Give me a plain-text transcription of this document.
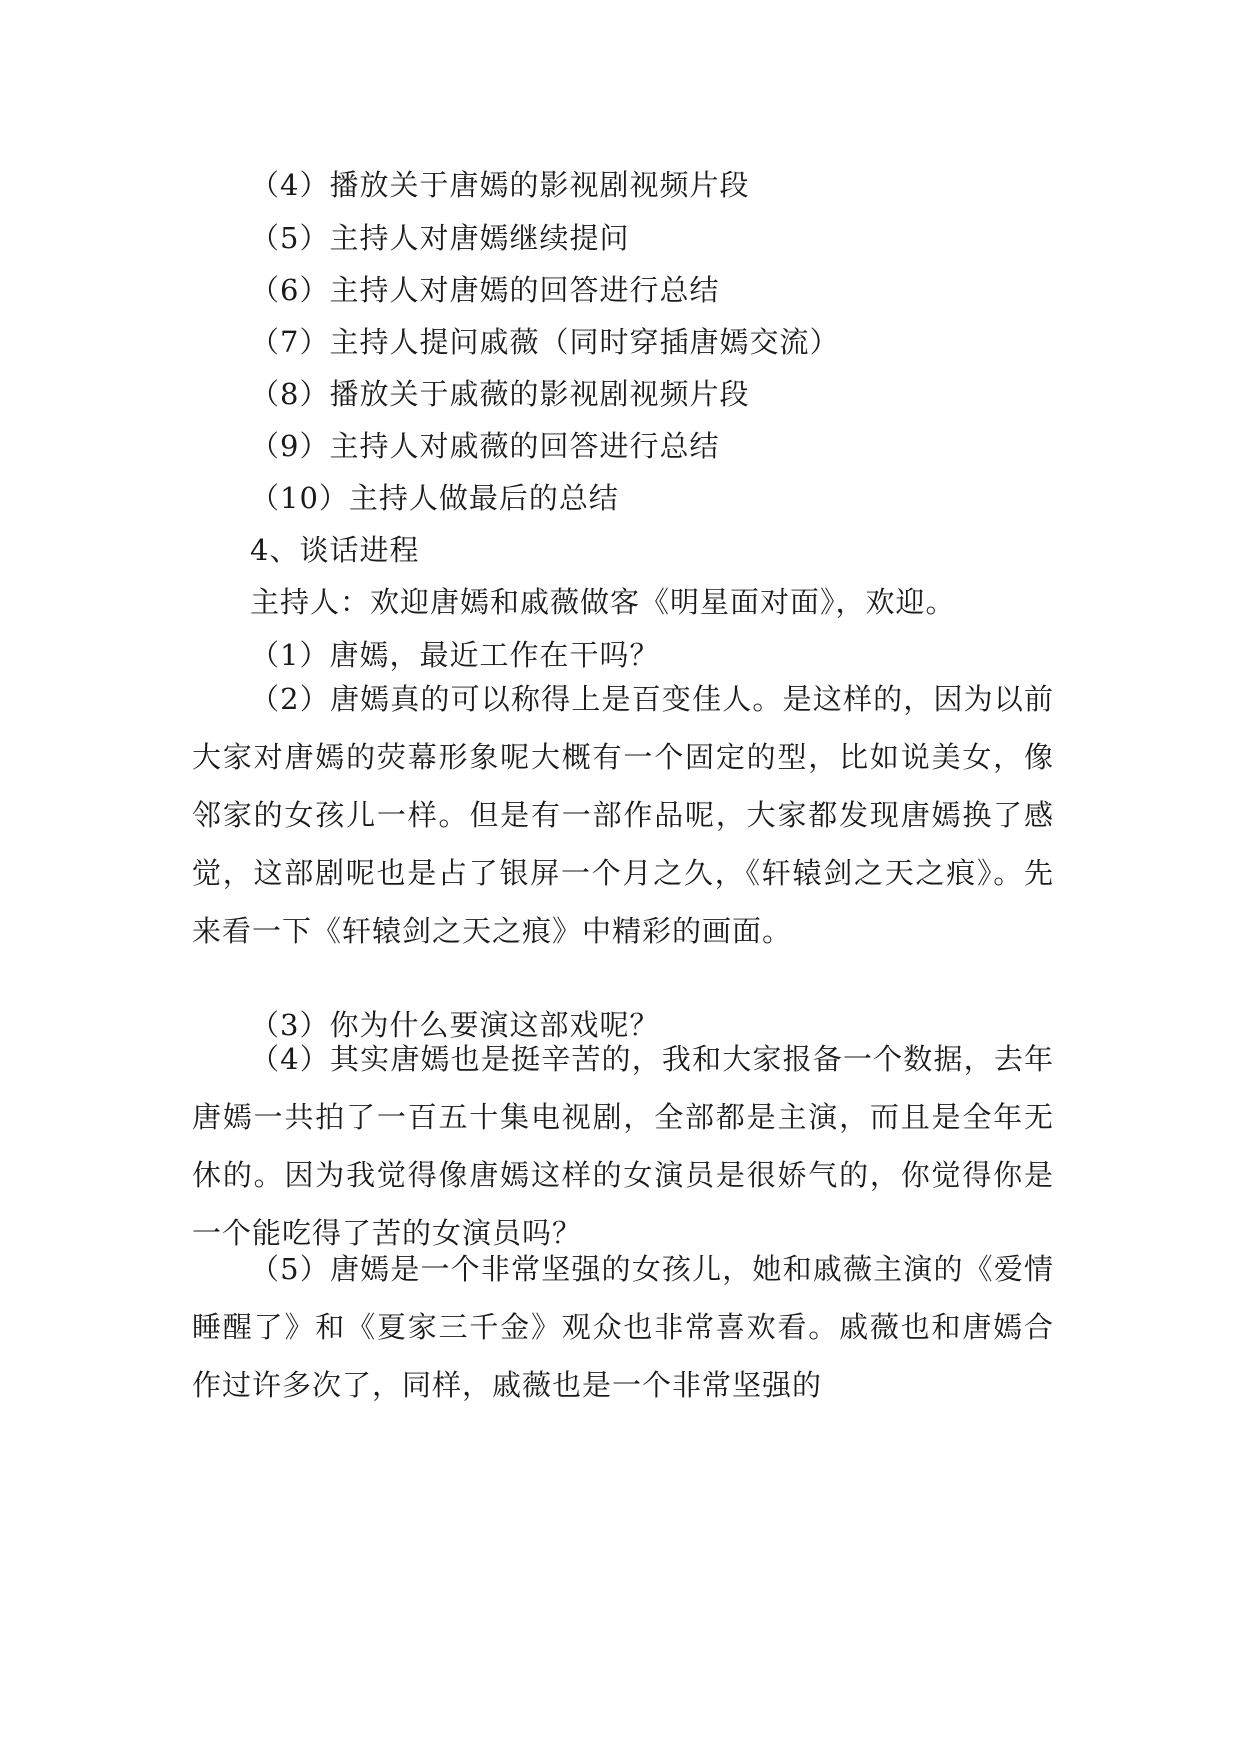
（4）播放关于唐嫣的影视剧视频片段
（5）主持人对唐嫣继续提问
（6）主持人对唐嫣的回答进行总结
（7）主持人提问戚薇（同时穿插唐嫣交流）
（8）播放关于戚薇的影视剧视频片段
（9）主持人对戚薇的回答进行总结
（10）主持人做最后的总结
4、谈话进程
主持人：欢迎唐嫣和戚薇做客《明星面对面》，欢迎。
（1）唐嫣，最近工作在干吗？
（2）唐嫣真的可以称得上是百变佳人。是这样的，因为以前大家对唐嫣的荧幕形象呢大概有一个固定的型，比如说美女，像邻家的女孩儿一样。但是有一部作品呢，大家都发现唐嫣换了感觉，这部剧呢也是占了银屏一个月之久，《轩辕剑之天之痕》。先来看一下《轩辕剑之天之痕》中精彩的画面。
（3）你为什么要演这部戏呢？
（4）其实唐嫣也是挺辛苦的，我和大家报备一个数据，去年唐嫣一共拍了一百五十集电视剧，全部都是主演，而且是全年无休的。因为我觉得像唐嫣这样的女演员是很娇气的，你觉得你是一个能吃得了苦的女演员吗？
（5）唐嫣是一个非常坚强的女孩儿，她和戚薇主演的《爱情睡醒了》和《夏家三千金》观众也非常喜欢看。戚薇也和唐嫣合作过许多次了，同样，戚薇也是一个非常坚强的
